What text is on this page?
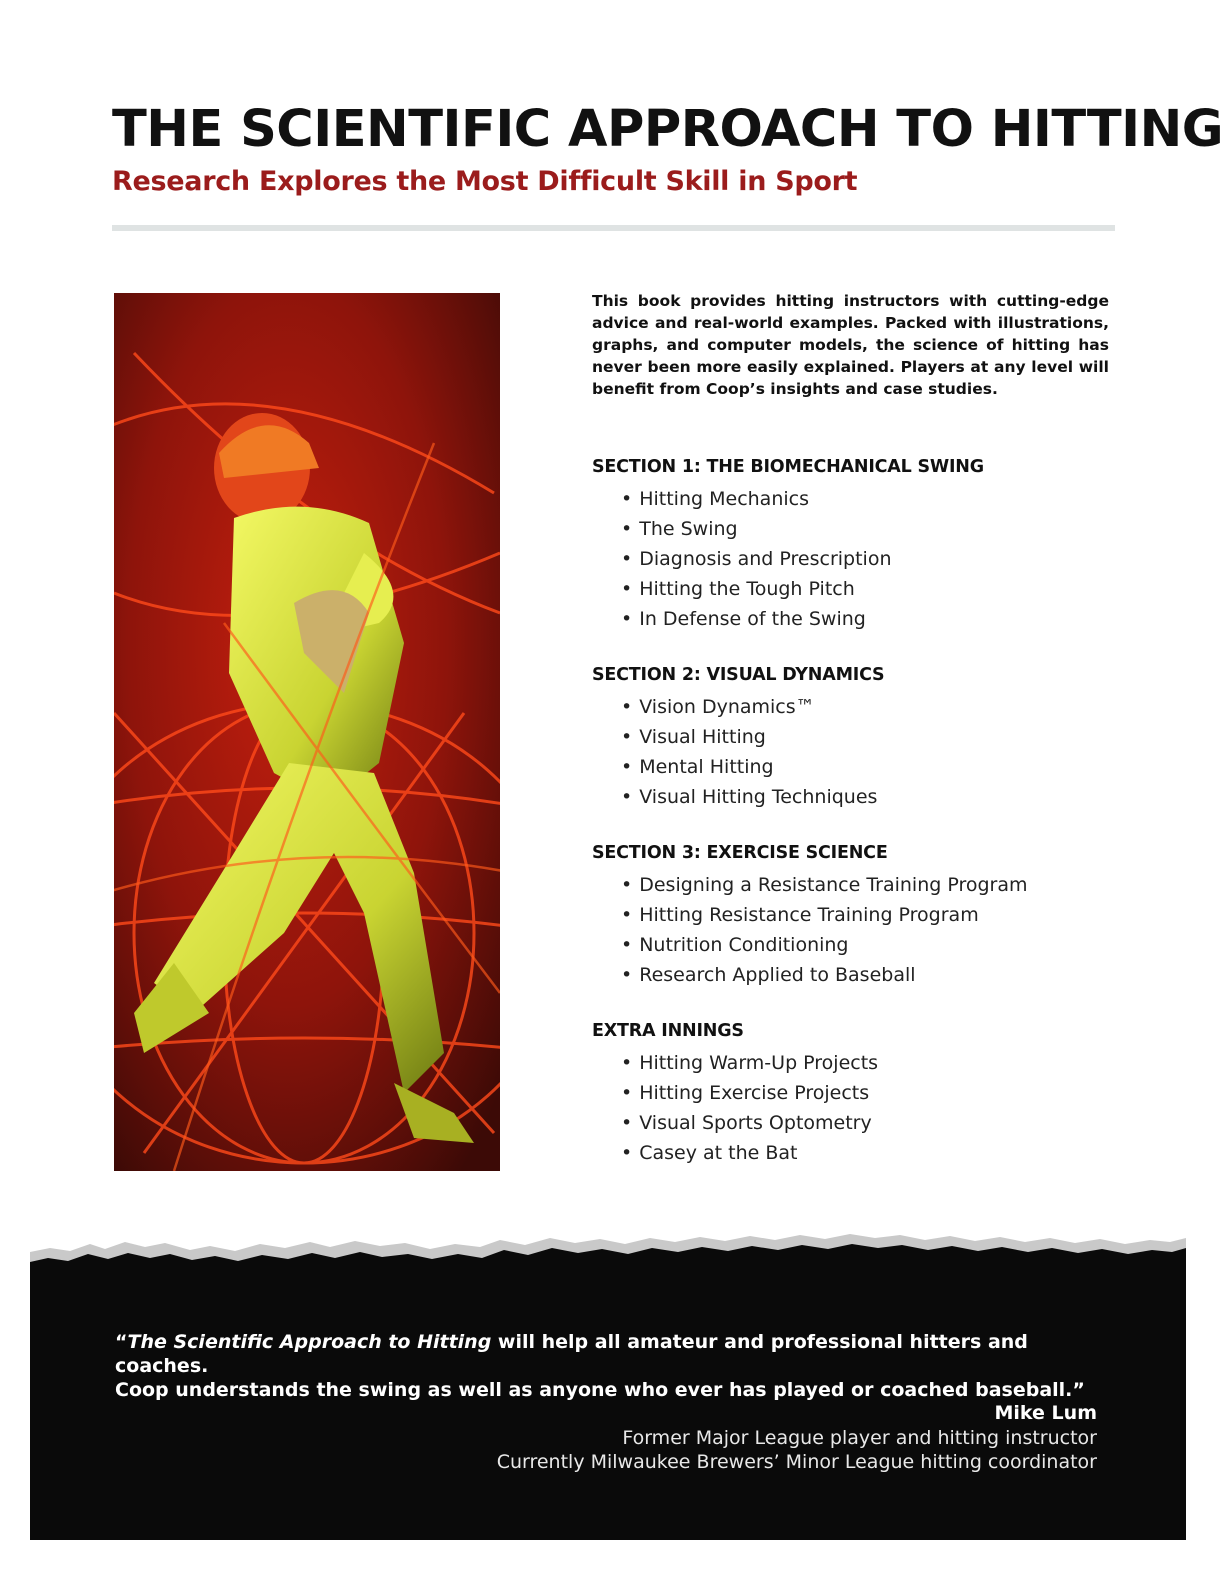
THE SCIENTIFIC APPROACH TO HITTING
Research Explores the Most Difficult Skill in Sport

This book provides hitting instructors with cutting-edge advice and real-world examples. Packed with illustrations, graphs, and computer models, the science of hitting has never been more easily explained. Players at any level will benefit from Coop’s insights and case studies.

SECTION 1: THE BIOMECHANICAL SWING
• Hitting Mechanics
• The Swing
• Diagnosis and Prescription
• Hitting the Tough Pitch
• In Defense of the Swing
SECTION 2: VISUAL DYNAMICS
• Vision Dynamics™
• Visual Hitting
• Mental Hitting
• Visual Hitting Techniques
SECTION 3: EXERCISE SCIENCE
• Designing a Resistance Training Program
• Hitting Resistance Training Program
• Nutrition Conditioning
• Research Applied to Baseball
EXTRA INNINGS
• Hitting Warm-Up Projects
• Hitting Exercise Projects
• Visual Sports Optometry
• Casey at the Bat

“The Scientific Approach to Hitting will help all amateur and professional hitters and coaches.
Coop understands the swing as well as anyone who ever has played or coached baseball.”

Mike Lum
Former Major League player and hitting instructor
Currently Milwaukee Brewers’ Minor League hitting coordinator
